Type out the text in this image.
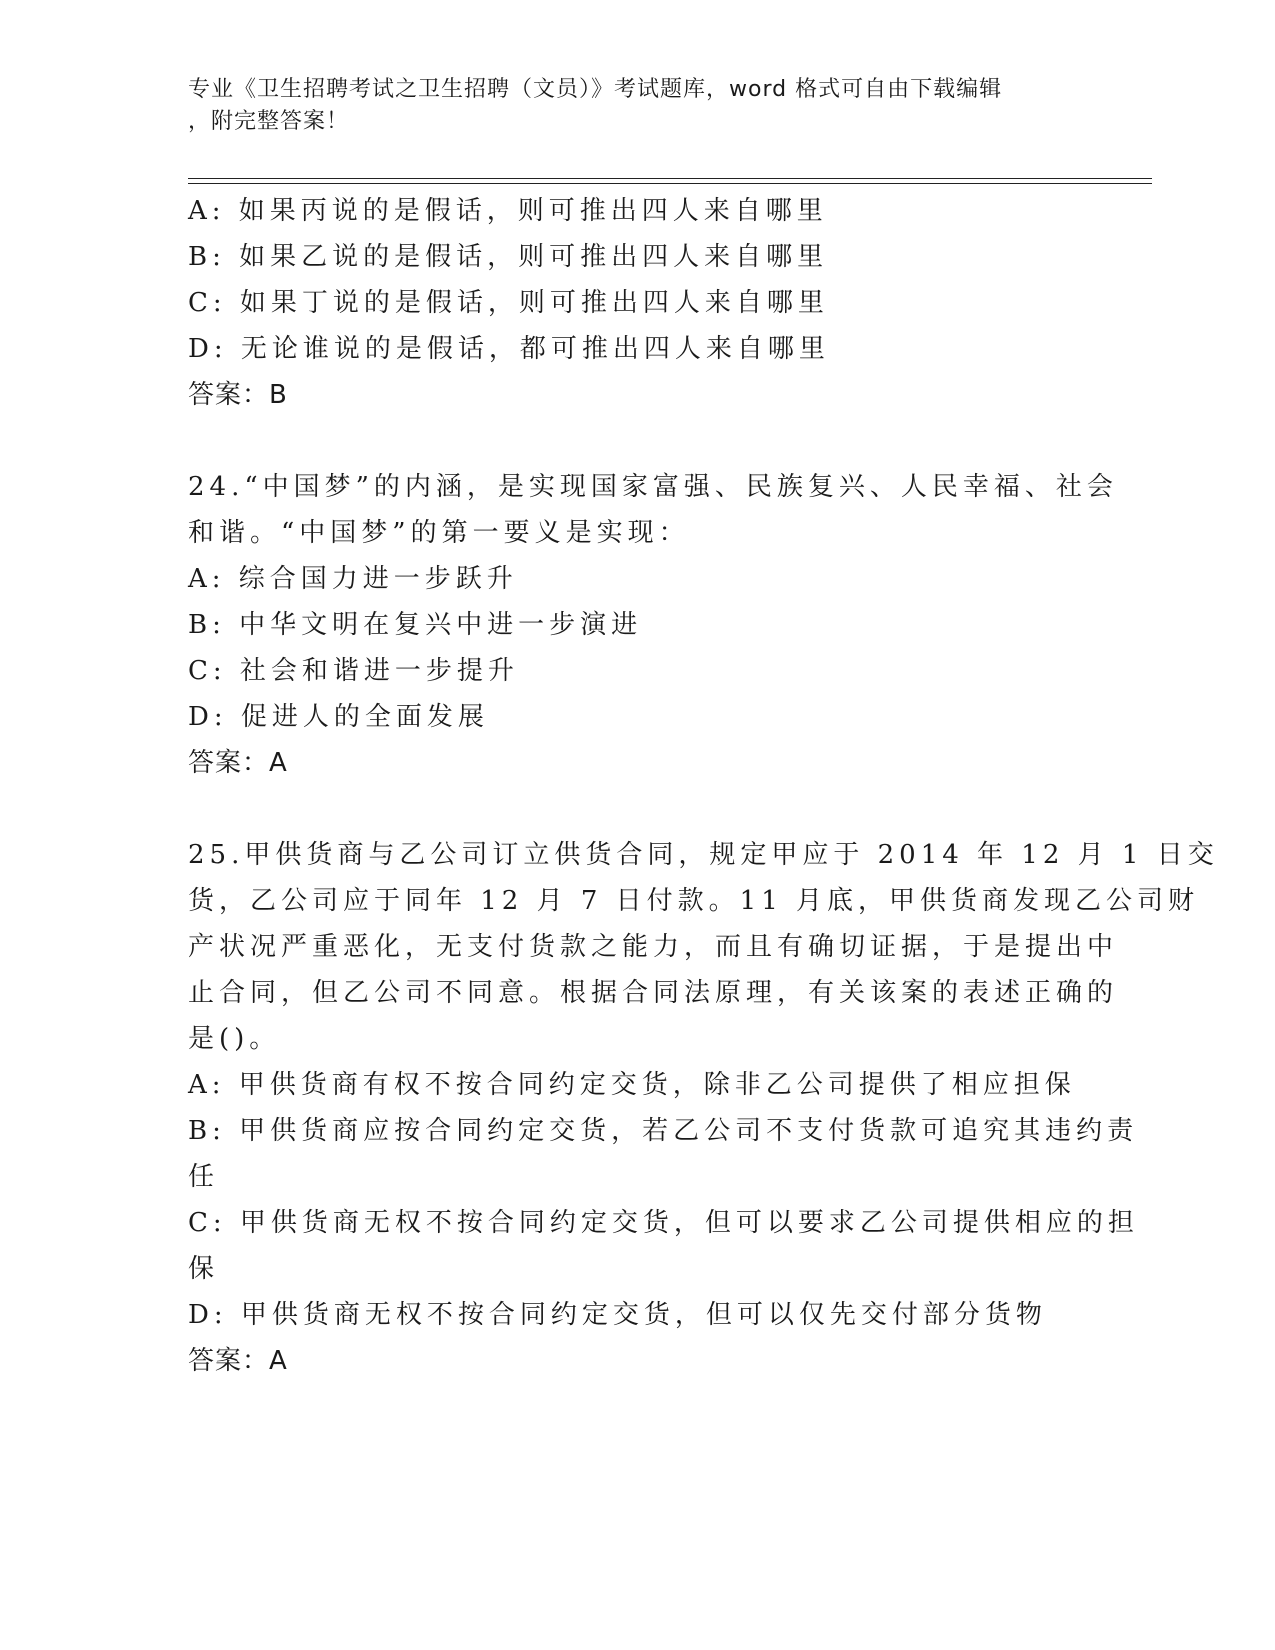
专业《卫生招聘考试之卫生招聘（文员）》考试题库，word 格式可自由下载编辑
，附完整答案！
A: 如果丙说的是假话，则可推出四人来自哪里
B: 如果乙说的是假话，则可推出四人来自哪里
C: 如果丁说的是假话，则可推出四人来自哪里
D: 无论谁说的是假话，都可推出四人来自哪里
答案：B
24.“中国梦”的内涵，是实现国家富强、民族复兴、人民幸福、社会
和谐。“中国梦”的第一要义是实现：
A: 综合国力进一步跃升
B: 中华文明在复兴中进一步演进
C: 社会和谐进一步提升
D: 促进人的全面发展
答案：A
25.甲供货商与乙公司订立供货合同，规定甲应于 2014 年 12 月 1 日交
货，乙公司应于同年 12 月 7 日付款。11 月底，甲供货商发现乙公司财
产状况严重恶化，无支付货款之能力，而且有确切证据，于是提出中
止合同，但乙公司不同意。根据合同法原理，有关该案的表述正确的
是()。
A: 甲供货商有权不按合同约定交货，除非乙公司提供了相应担保
B: 甲供货商应按合同约定交货，若乙公司不支付货款可追究其违约责
任
C: 甲供货商无权不按合同约定交货，但可以要求乙公司提供相应的担
保
D: 甲供货商无权不按合同约定交货，但可以仅先交付部分货物
答案：A
